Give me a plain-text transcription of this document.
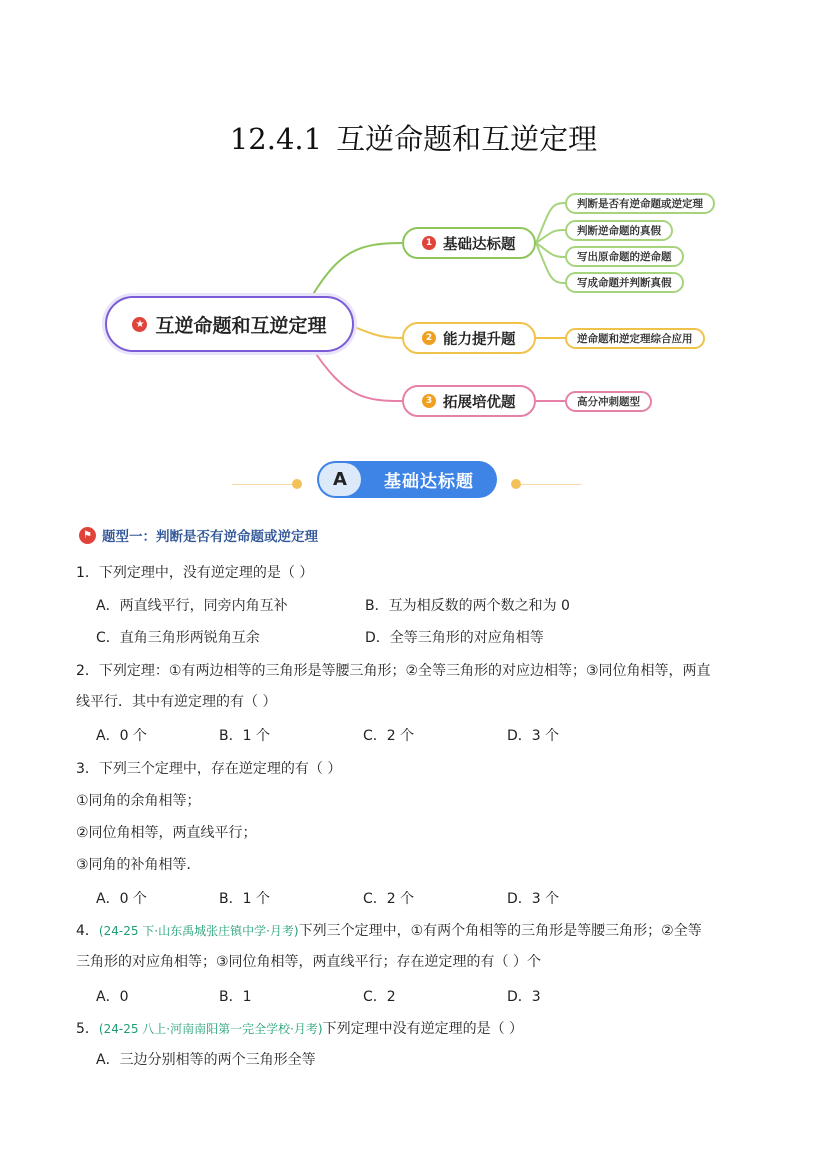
12.4.1 互逆命题和互逆定理
★ 互逆命题和互逆定理
1 基础达标题
2 能力提升题
3 拓展培优题
判断是否有逆命题或逆定理
判断逆命题的真假
写出原命题的逆命题
写成命题并判断真假
逆命题和逆定理综合应用
高分冲刺题型
A	基础达标题
⚑ 题型一：判断是否有逆命题或逆定理
1．下列定理中，没有逆定理的是（ ）
A．两直线平行，同旁内角互补	B．互为相反数的两个数之和为 0
C．直角三角形两锐角互余	D．全等三角形的对应角相等
2．下列定理：①有两边相等的三角形是等腰三角形；②全等三角形的对应边相等；③同位角相等，两直
线平行．其中有逆定理的有（ ）
A．0 个	B．1 个	C．2 个	D．3 个
3．下列三个定理中，存在逆定理的有（ ）
①同角的余角相等；
②同位角相等，两直线平行；
③同角的补角相等．
A．0 个	B．1 个	C．2 个	D．3 个
4．(24-25 下·山东禹城张庄镇中学·月考)下列三个定理中，①有两个角相等的三角形是等腰三角形；②全等
三角形的对应角相等；③同位角相等，两直线平行；存在逆定理的有（ ）个
A．0	B．1	C．2	D．3
5．(24-25 八上·河南南阳第一完全学校·月考)下列定理中没有逆定理的是（ ）
A．三边分别相等的两个三角形全等
